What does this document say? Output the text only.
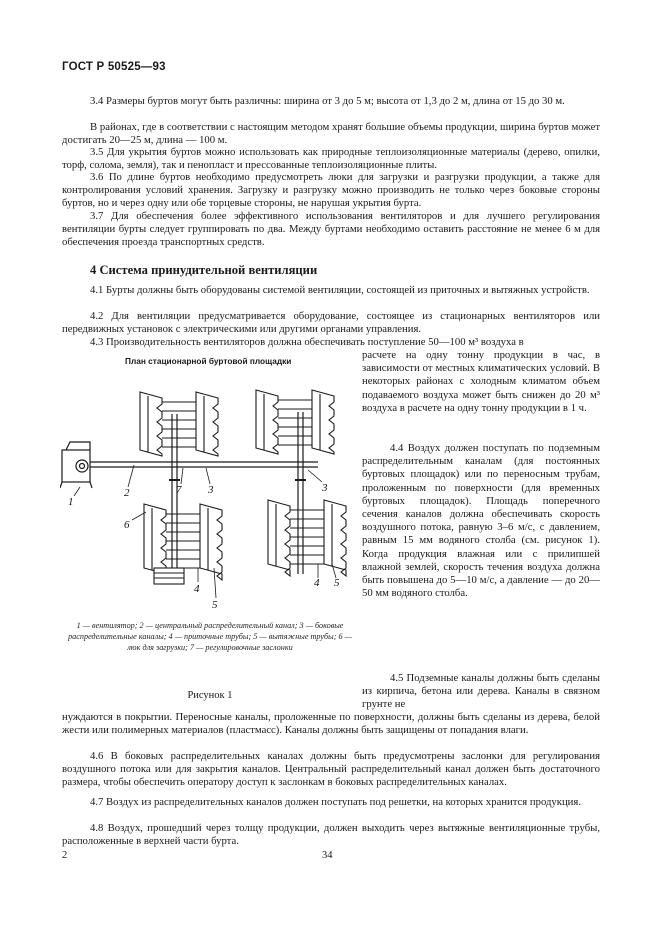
ГОСТ Р 50525—93

3.4 Размеры буртов могут быть различны: ширина от 3 до 5 м; высота от 1,3 до 2 м, длина от 15 до 30 м.

В районах, где в соответствии с настоящим методом хранят большие объемы продукции, ширина буртов может достигать 20—25 м, длина — 100 м.

3.5 Для укрытия буртов можно использовать как природные теплоизоляционные материалы (дерево, опилки, торф, солома, земля), так и пенопласт и прессованные теплоизоляционные плиты.

3.6 По длине буртов необходимо предусмотреть люки для загрузки и разгрузки продукции, а также для контролирования условий хранения. Загрузку и разгрузку можно производить не только через боковые стороны буртов, но и через одну или обе торцевые стороны, не нарушая укрытия бурта.

3.7 Для обеспечения более эффективного использования вентиляторов и для лучшего регулирования вентиляции бурты следует группировать по два. Между буртами необходимо оставить расстояние не менее 6 м для обеспечения проезда транспортных средств.

4 Система принудительной вентиляции

4.1 Бурты должны быть оборудованы системой вентиляции, состоящей из приточных и вытяжных устройств.

4.2 Для вентиляции предусматривается оборудование, состоящее из стационарных вентиляторов или передвижных установок с электрическими или другими органами управления.

4.3 Производительность вентиляторов должна обеспечивать поступление 50—100 м³ воздуха в

расчете на одну тонну продукции в час, в зависимости от местных климатических условий. В некоторых районах с холодным климатом объем подаваемого воздуха может быть снижен до 20 м³ воздуха в расчете на одну тонну продукции в 1 ч.

4.4 Воздух должен поступать по подземным распределительным каналам (для постоянных буртовых площадок) или по переносным трубам, проложенным по поверхности (для временных буртовых площадок). Площадь поперечного сечения каналов должна обеспечивать скорость воздушного потока, равную 3–6 м/с, с давлением, равным 15 мм водяного столба (см. рисунок 1). Когда продукция влажная или с прилипшей влажной землей, скорость течения воздуха должна быть повышена до 5—10 м/с, а давление — до 20—50 мм водяного столба.

4.5 Подземные каналы должны быть сделаны из кирпича, бетона или дерева. Каналы в связном грунте не

нуждаются в покрытии. Переносные каналы, проложенные по поверхности, должны быть сделаны из дерева, белой жести или полимерных материалов (пластмасс). Каналы должны быть защищены от попадания влаги.

4.6 В боковых распределительных каналах должны быть предусмотрены заслонки для регулирования воздушного потока или для закрытия каналов. Центральный распределительный канал должен быть достаточного размера, чтобы обеспечить оператору доступ к заслонкам в боковых распределительных каналах.

4.7 Воздух из распределительных каналов должен поступать под решетки, на которых хранится продукция.

4.8 Воздух, прошедший через толщу продукции, должен выходить через вытяжные вентиляционные трубы, расположенные в верхней части бурта.

План стационарной буртовой площадки
1
2	3	3
4	4
5
5
6
7

1 — вентилятор; 2 — центральный распределительный канал; 3 — боковые распределительные каналы; 4 — приточные трубы; 5 — вытяжные трубы; 6 — люк для загрузки; 7 — регулировочные заслонки

Рисунок 1
2	34
